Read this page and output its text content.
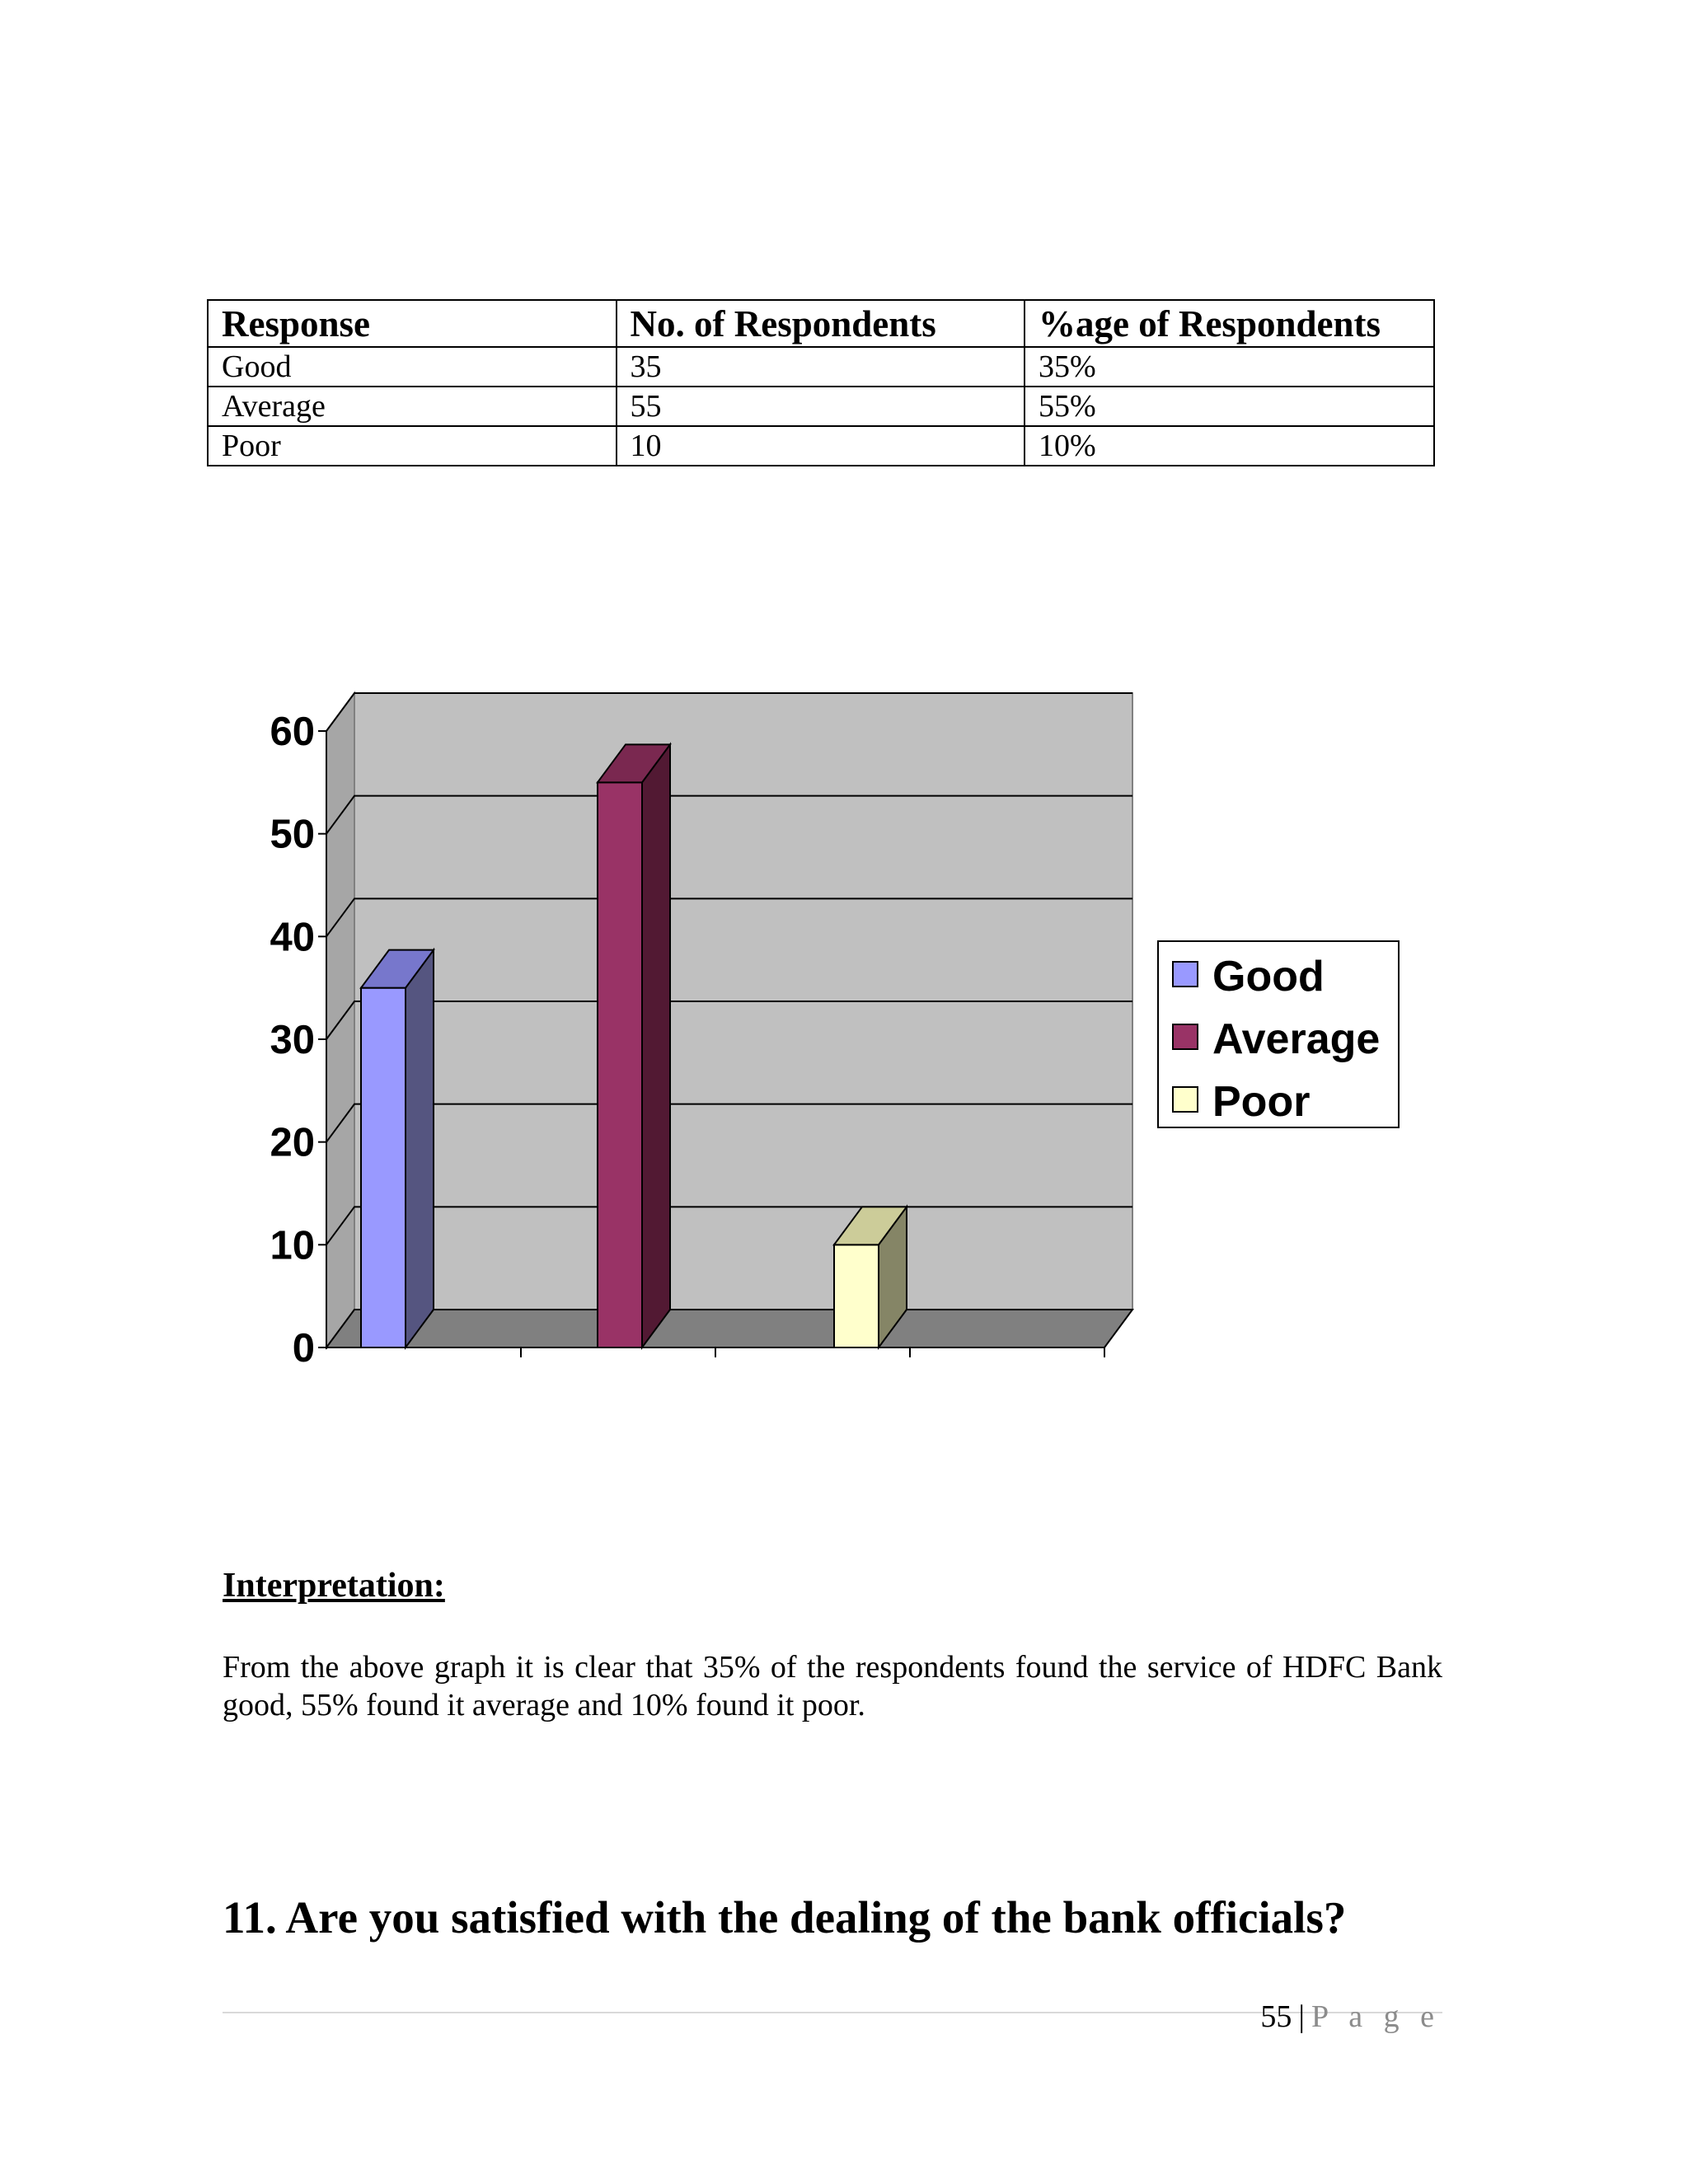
Response	No. of Respondents	%age of Respondents
Good	35	35%
Average	55	55%
Poor	10	10%
0
10
20
30
40
50
60
Good
Average
Poor

Interpretation:

From the above graph it is clear that 35% of the respondents found the service of HDFC Bank good, 55% found it average and 10% found it poor.

11. Are you satisfied with the dealing of the bank officials?

55 | P a g e
